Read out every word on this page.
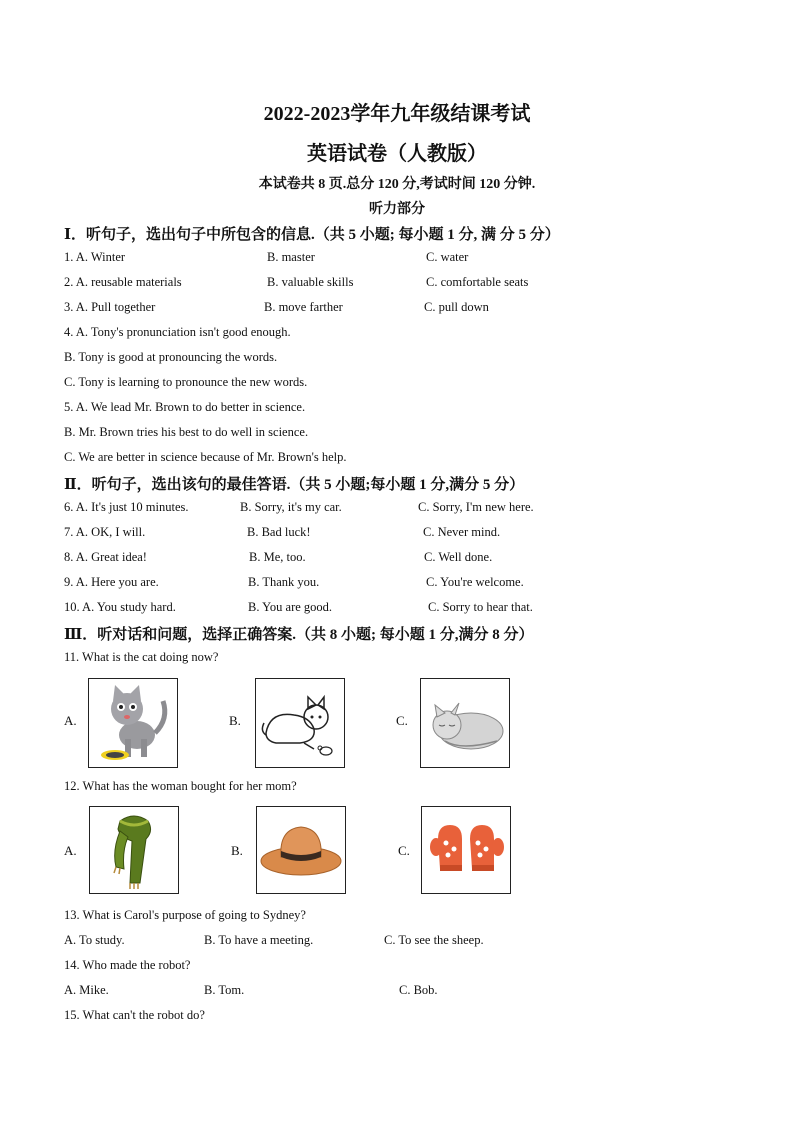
2022-2023学年九年级结课考试
英语试卷（人教版）
本试卷共 8 页.总分 120 分,考试时间 120 分钟.
听力部分
Ⅰ．听句子，选出句子中所包含的信息.（共 5 小题; 每小题 1 分, 满 分 5 分）
1. A. Winter	B. master	C. water
2. A. reusable materials	B. valuable skills	C. comfortable seats
3. A. Pull together	B. move farther	C. pull down
4. A. Tony's pronunciation isn't good enough.
B. Tony is good at pronouncing the words.
C. Tony is learning to pronounce the new words.
5. A. We lead Mr. Brown to do better in science.
B. Mr. Brown tries his best to do well in science.
C. We are better in science because of Mr. Brown's help.
Ⅱ．听句子，选出该句的最佳答语.（共 5 小题;每小题 1 分,满分 5 分）
6. A. It's just 10 minutes.	B. Sorry, it's my car.	C. Sorry, I'm new here.
7. A. OK, I will.	B. Bad luck!	C. Never mind.
8. A. Great idea!	B. Me, too.	C. Well done.
9. A. Here you are.	B. Thank you.	C. You're welcome.
10. A. You study hard.	B. You are good.	C. Sorry to hear that.
Ⅲ．听对话和问题，选择正确答案.（共 8 小题; 每小题 1 分,满分 8 分）
11. What is the cat doing now?
A.	B.	C.
12. What has the woman bought for her mom?
A.	B.	C.
13. What is Carol's purpose of going to Sydney?
A. To study.	B. To have a meeting.	C. To see the sheep.
14. Who made the robot?
A. Mike.	B. Tom.	C. Bob.
15. What can't the robot do?
